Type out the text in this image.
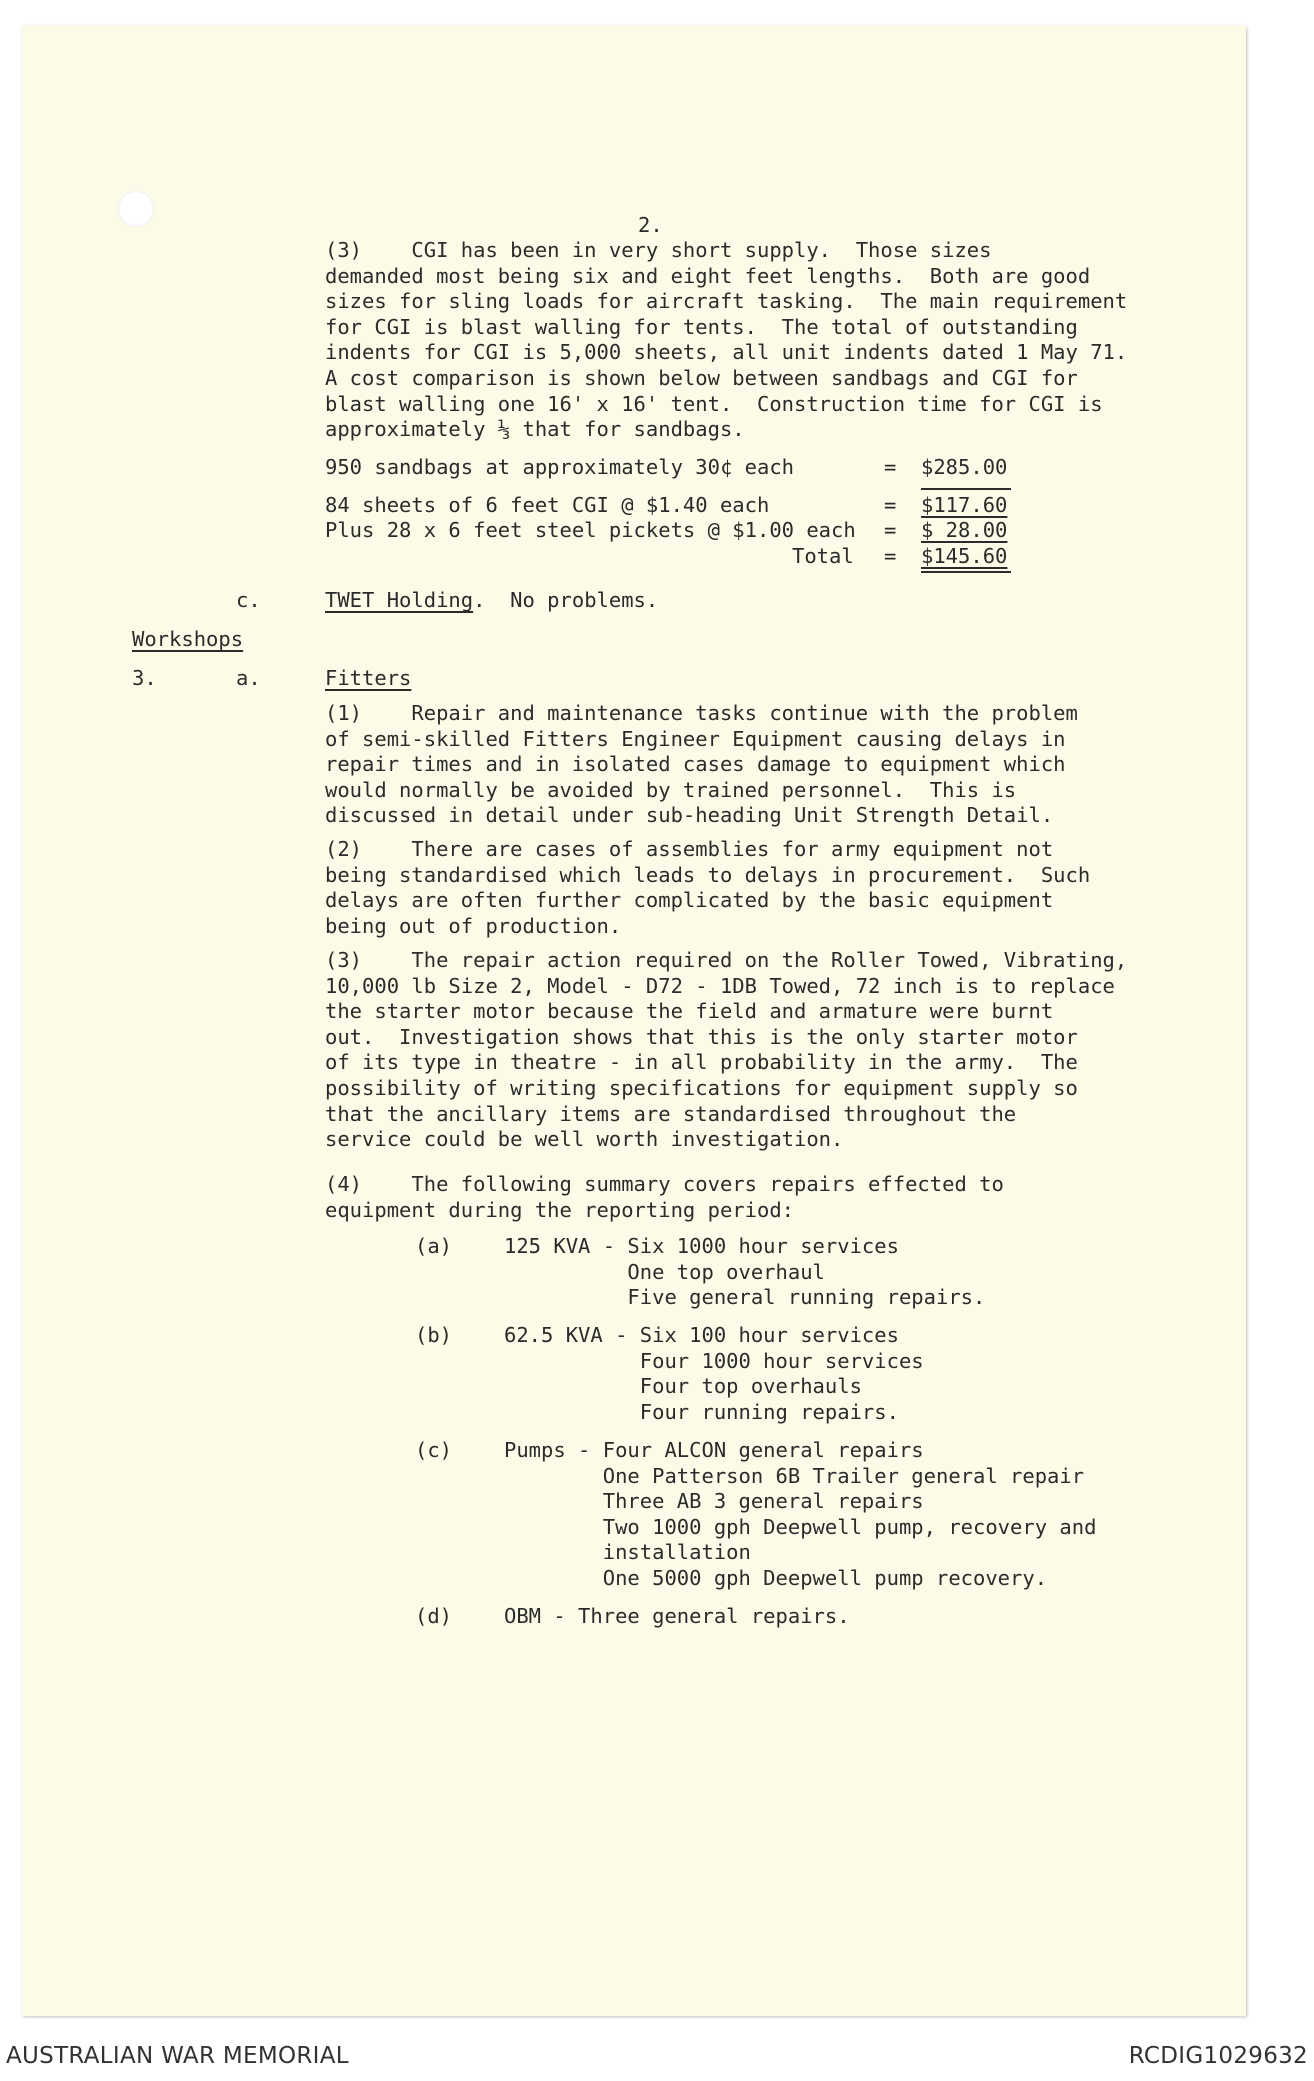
2.

(3)    CGI has been in very short supply.  Those sizes
demanded most being six and eight feet lengths.  Both are good
sizes for sling loads for aircraft tasking.  The main requirement
for CGI is blast walling for tents.  The total of outstanding
indents for CGI is 5,000 sheets, all unit indents dated 1 May 71.
A cost comparison is shown below between sandbags and CGI for
blast walling one 16' x 16' tent.  Construction time for CGI is
approximately ⅓ that for sandbags.

950 sandbags at approximately 30¢ each	= $285.00

84 sheets of 6 feet CGI @ $1.40 each	= $117.60

Plus 28 x 6 feet steel pickets @ $1.00 each = $ 28.00

Total = $145.60

c.	TWET Holding.  No problems.

Workshops

3.	a.	Fitters

(1)    Repair and maintenance tasks continue with the problem
of semi-skilled Fitters Engineer Equipment causing delays in
repair times and in isolated cases damage to equipment which
would normally be avoided by trained personnel.  This is
discussed in detail under sub-heading Unit Strength Detail.

(2)    There are cases of assemblies for army equipment not
being standardised which leads to delays in procurement.  Such
delays are often further complicated by the basic equipment
being out of production.

(3)    The repair action required on the Roller Towed, Vibrating,
10,000 lb Size 2, Model - D72 - 1DB Towed, 72 inch is to replace
the starter motor because the field and armature were burnt
out.  Investigation shows that this is the only starter motor
of its type in theatre - in all probability in the army.  The
possibility of writing specifications for equipment supply so
that the ancillary items are standardised throughout the
service could be well worth investigation.

(4)    The following summary covers repairs effected to
equipment during the reporting period:

(a)	125 KVA - Six 1000 hour services
One top overhaul
Five general running repairs.

(b)	62.5 KVA - Six 100 hour services
Four 1000 hour services
Four top overhauls
Four running repairs.

(c)	Pumps - Four ALCON general repairs
One Patterson 6B Trailer general repair
Three AB 3 general repairs
Two 1000 gph Deepwell pump, recovery and
installation
One 5000 gph Deepwell pump recovery.

(d)	OBM - Three general repairs.

AUSTRALIAN WAR MEMORIAL	RCDIG1029632
